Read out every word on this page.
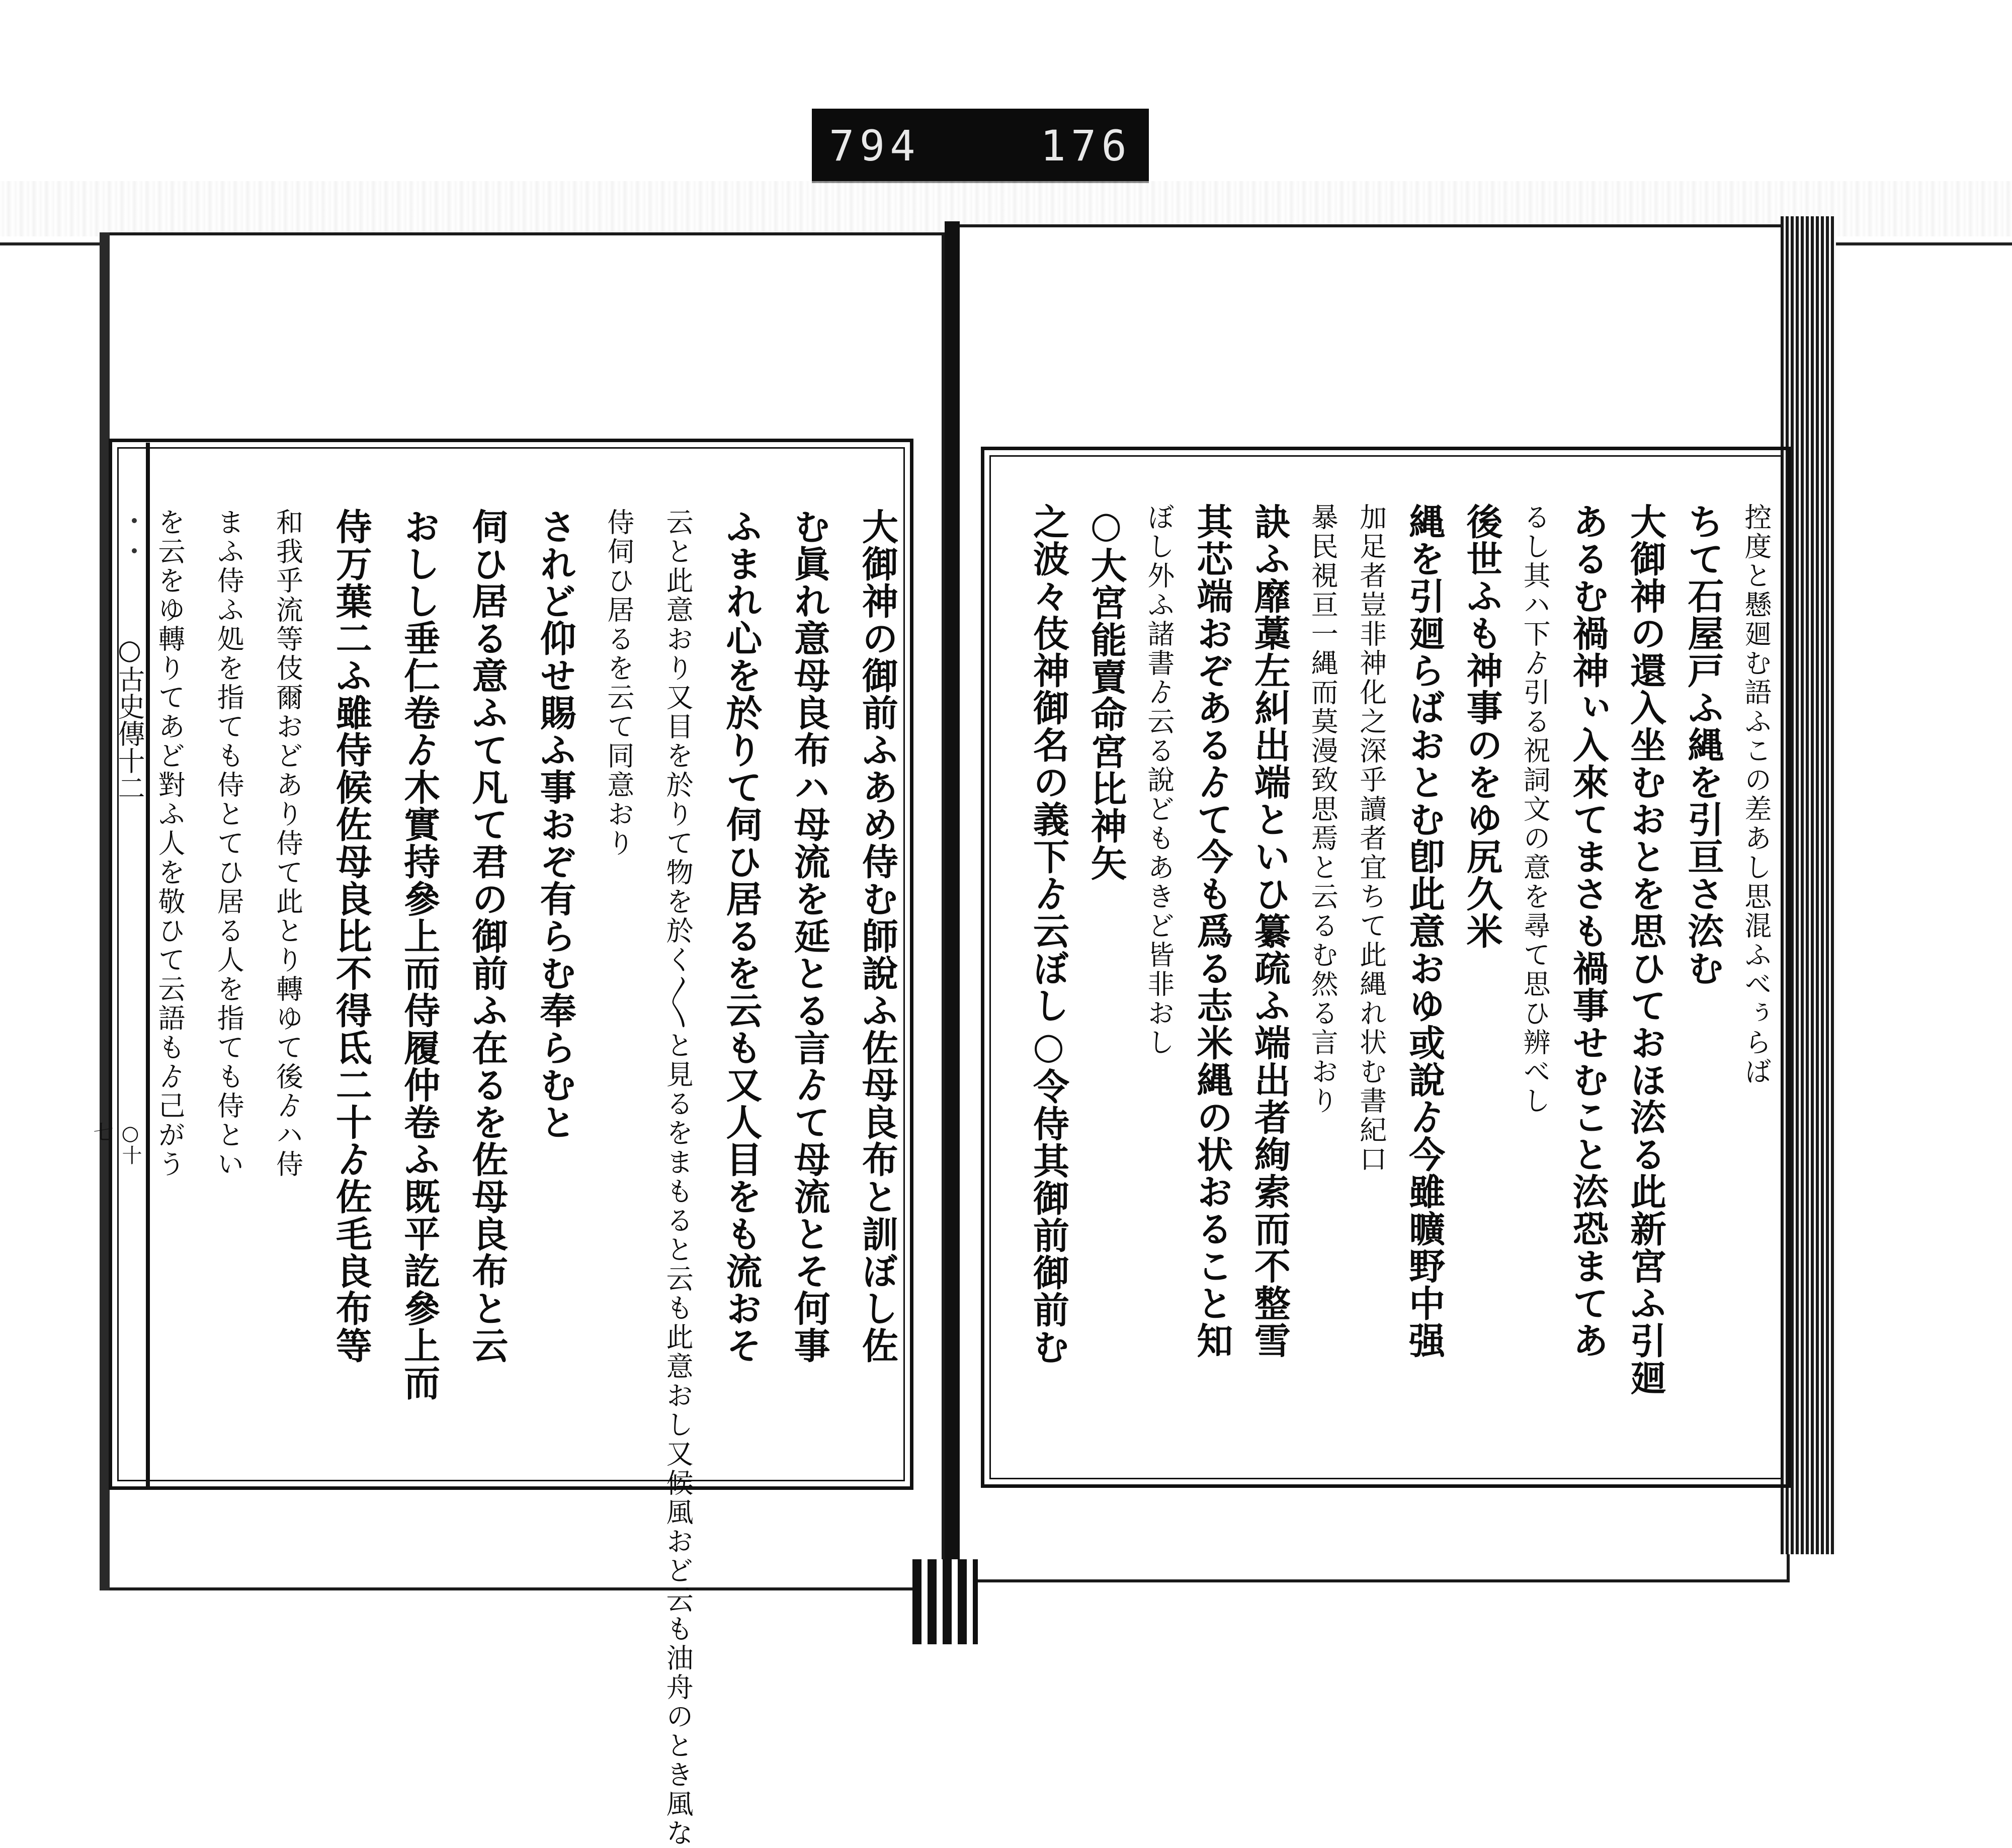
794	176
○古史傳十二
○十七	大御神の御前ふあめ侍む師說ふ佐母良布と訓ぼし佐
む眞れ意母良布ハ母流を延とる言ゟて母流とそ何事
ふまれ心を於りて伺ひ居るを云も又人目をも流おそ
云と此意おり又目を於りて物を於く〳〵と見るをまもると云も此意おし又候風おど云も油舟のとき風な
侍伺ひ居るを云て同意おり
されど仰せ賜ふ事おぞ有らむ奉らむと
伺ひ居る意ふて凡て君の御前ふ在るを佐母良布と云
おしし垂仁卷ゟ木實持參上而侍履仲卷ふ既平訖參上而
侍万葉二ふ雖侍候佐母良比不得氐二十ゟ佐毛良布等
和我乎流等伎爾おどあり侍て此とり轉ゆて後ゟハ侍
まふ侍ふ処を指ても侍とてひ居る人を指ても侍とい
を云をゆ轉りてあど對ふ人を敬ひて云語もゟ己がう	控度と懸廻む語ふこの差あし思混ふべぅらば
ちて石屋戸ふ縄を引亘さ㳒む
大御神の還入坐むおとを思ひておほ㳒る此新宮ふ引廻
あるむ禍神ぃ入來てまさも禍事せむこと㳒恐まてあ
るし其ハ下ゟ引る祝詞文の意を尋て思ひ辨べし
後世ふも神事のをゆ尻久米
縄を引廻らばおとむ卽此意おゆ或說ゟ今雖曠野中强
加足者豈非神化之深乎讀者宜ちて此縄れ状む書紀口
暴民視亘一縄而莫漫致思焉と云るむ然る言おり
訣ふ靡藁左糾出端といひ纂疏ふ端出者絢索而不整雪
其芯端おぞあるゟて今も爲る志米縄の状おること知
ぼし外ふ諸書ゟ云る說どもあきど皆非おし
○大宮能賣命宮比神矢
之波々伎神御名の義下ゟ云ぼし○令侍其御前御前む
